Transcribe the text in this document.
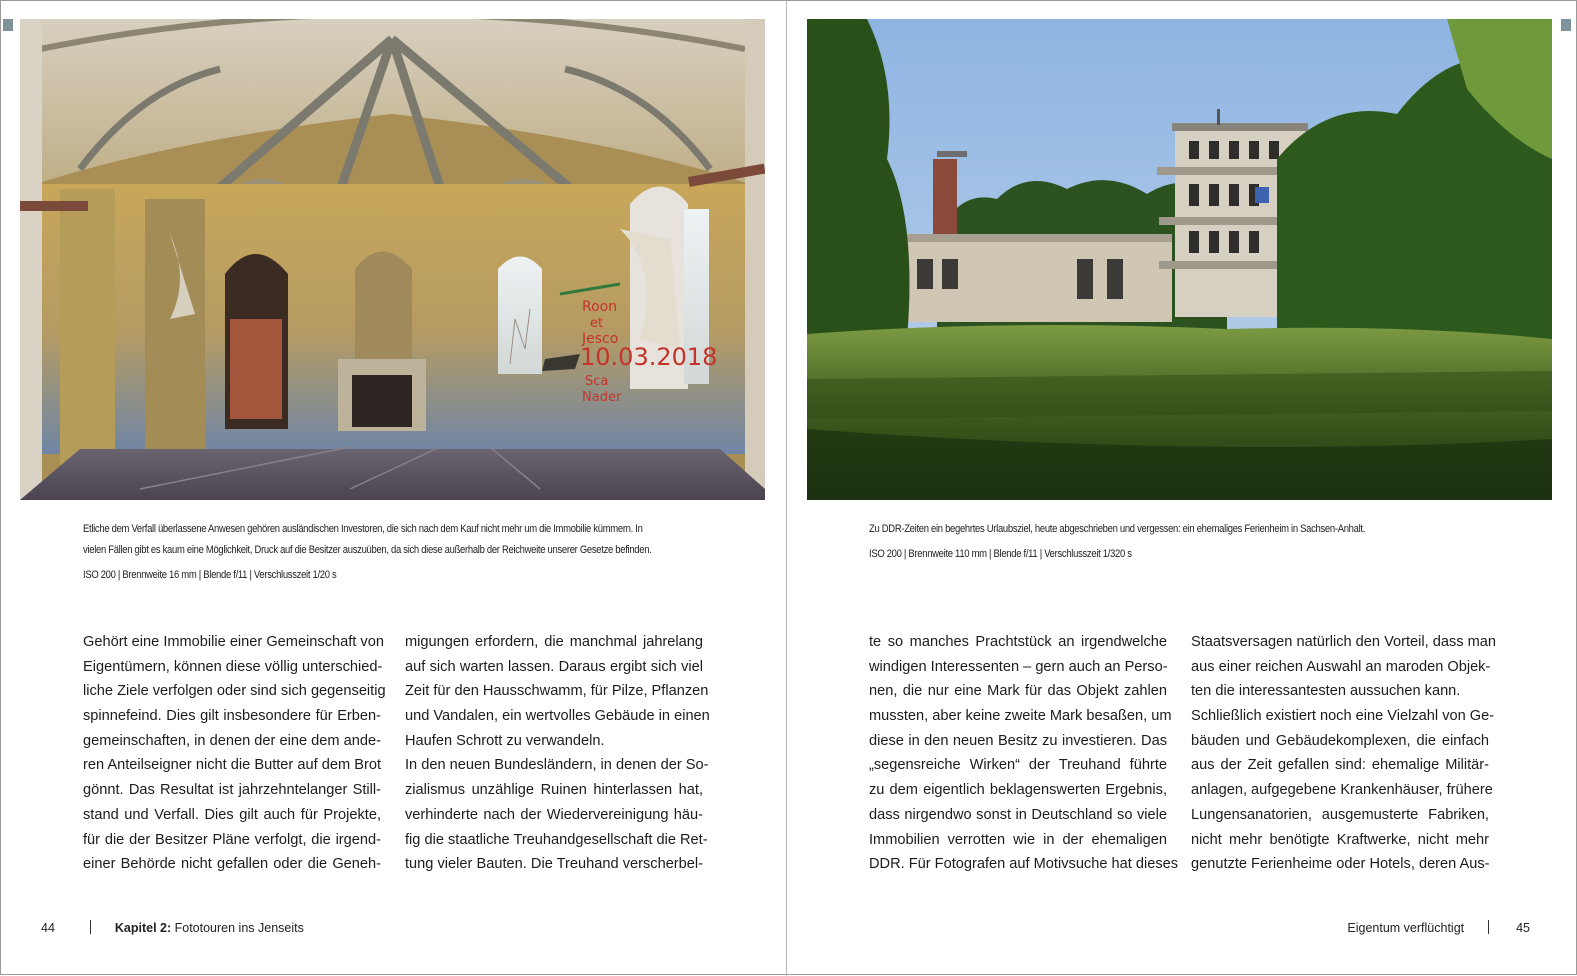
Roon
et
Jesco
10.03.2018
Sca
Nader

Etliche dem Verfall überlassene Anwesen gehören ausländischen Investoren, die sich nach dem Kauf nicht mehr um die Immobilie kümmern. In

vielen Fällen gibt es kaum eine Möglichkeit, Druck auf die Besitzer auszuüben, da sich diese außerhalb der Reichweite unserer Gesetze befinden.

ISO 200 | Brennweite 16 mm | Blende f/11 | Verschlusszeit 1/20 s

Zu DDR-Zeiten ein begehrtes Urlaubsziel, heute abgeschrieben und vergessen: ein ehemaliges Ferienheim in Sachsen-Anhalt.

ISO 200 | Brennweite 110 mm | Blende f/11 | Verschlusszeit 1/320 s

Gehört eine Immobilie einer Gemeinschaft von
Eigentümern, können diese völlig unterschied-
liche Ziele verfolgen oder sind sich gegenseitig
spinnefeind. Dies gilt insbesondere für Erben-
gemeinschaften, in denen der eine dem ande-
ren Anteilseigner nicht die Butter auf dem Brot
gönnt. Das Resultat ist jahrzehntelanger Still-
stand und Verfall. Dies gilt auch für Projekte,
für die der Besitzer Pläne verfolgt, die irgend-
einer Behörde nicht gefallen oder die Geneh-
migungen erfordern, die manchmal jahrelang
auf sich warten lassen. Daraus ergibt sich viel
Zeit für den Hausschwamm, für Pilze, Pflanzen
und Vandalen, ein wertvolles Gebäude in einen
Haufen Schrott zu verwandeln.
In den neuen Bundesländern, in denen der So-
zialismus unzählige Ruinen hinterlassen hat,
verhinderte nach der Wiedervereinigung häu-
fig die staatliche Treuhandgesellschaft die Ret-
tung vieler Bauten. Die Treuhand verscherbel-
te so manches Prachtstück an irgendwelche
windigen Interessenten – gern auch an Perso-
nen, die nur eine Mark für das Objekt zahlen
mussten, aber keine zweite Mark besaßen, um
diese in den neuen Besitz zu investieren. Das
„segensreiche Wirken“ der Treuhand führte
zu dem eigentlich beklagenswerten Ergebnis,
dass nirgendwo sonst in Deutschland so viele
Immobilien verrotten wie in der ehemaligen
DDR. Für Fotografen auf Motivsuche hat dieses
Staatsversagen natürlich den Vorteil, dass man
aus einer reichen Auswahl an maroden Objek-
ten die interessantesten aussuchen kann.
Schließlich existiert noch eine Vielzahl von Ge-
bäuden und Gebäudekomplexen, die einfach
aus der Zeit gefallen sind: ehemalige Militär-
anlagen, aufgegebene Krankenhäuser, frühere
Lungensanatorien, ausgemusterte Fabriken,
nicht mehr benötigte Kraftwerke, nicht mehr
genutzte Ferienheime oder Hotels, deren Aus-
44	Kapitel 2: Fototouren ins Jenseits	Eigentum verflüchtigt	45
